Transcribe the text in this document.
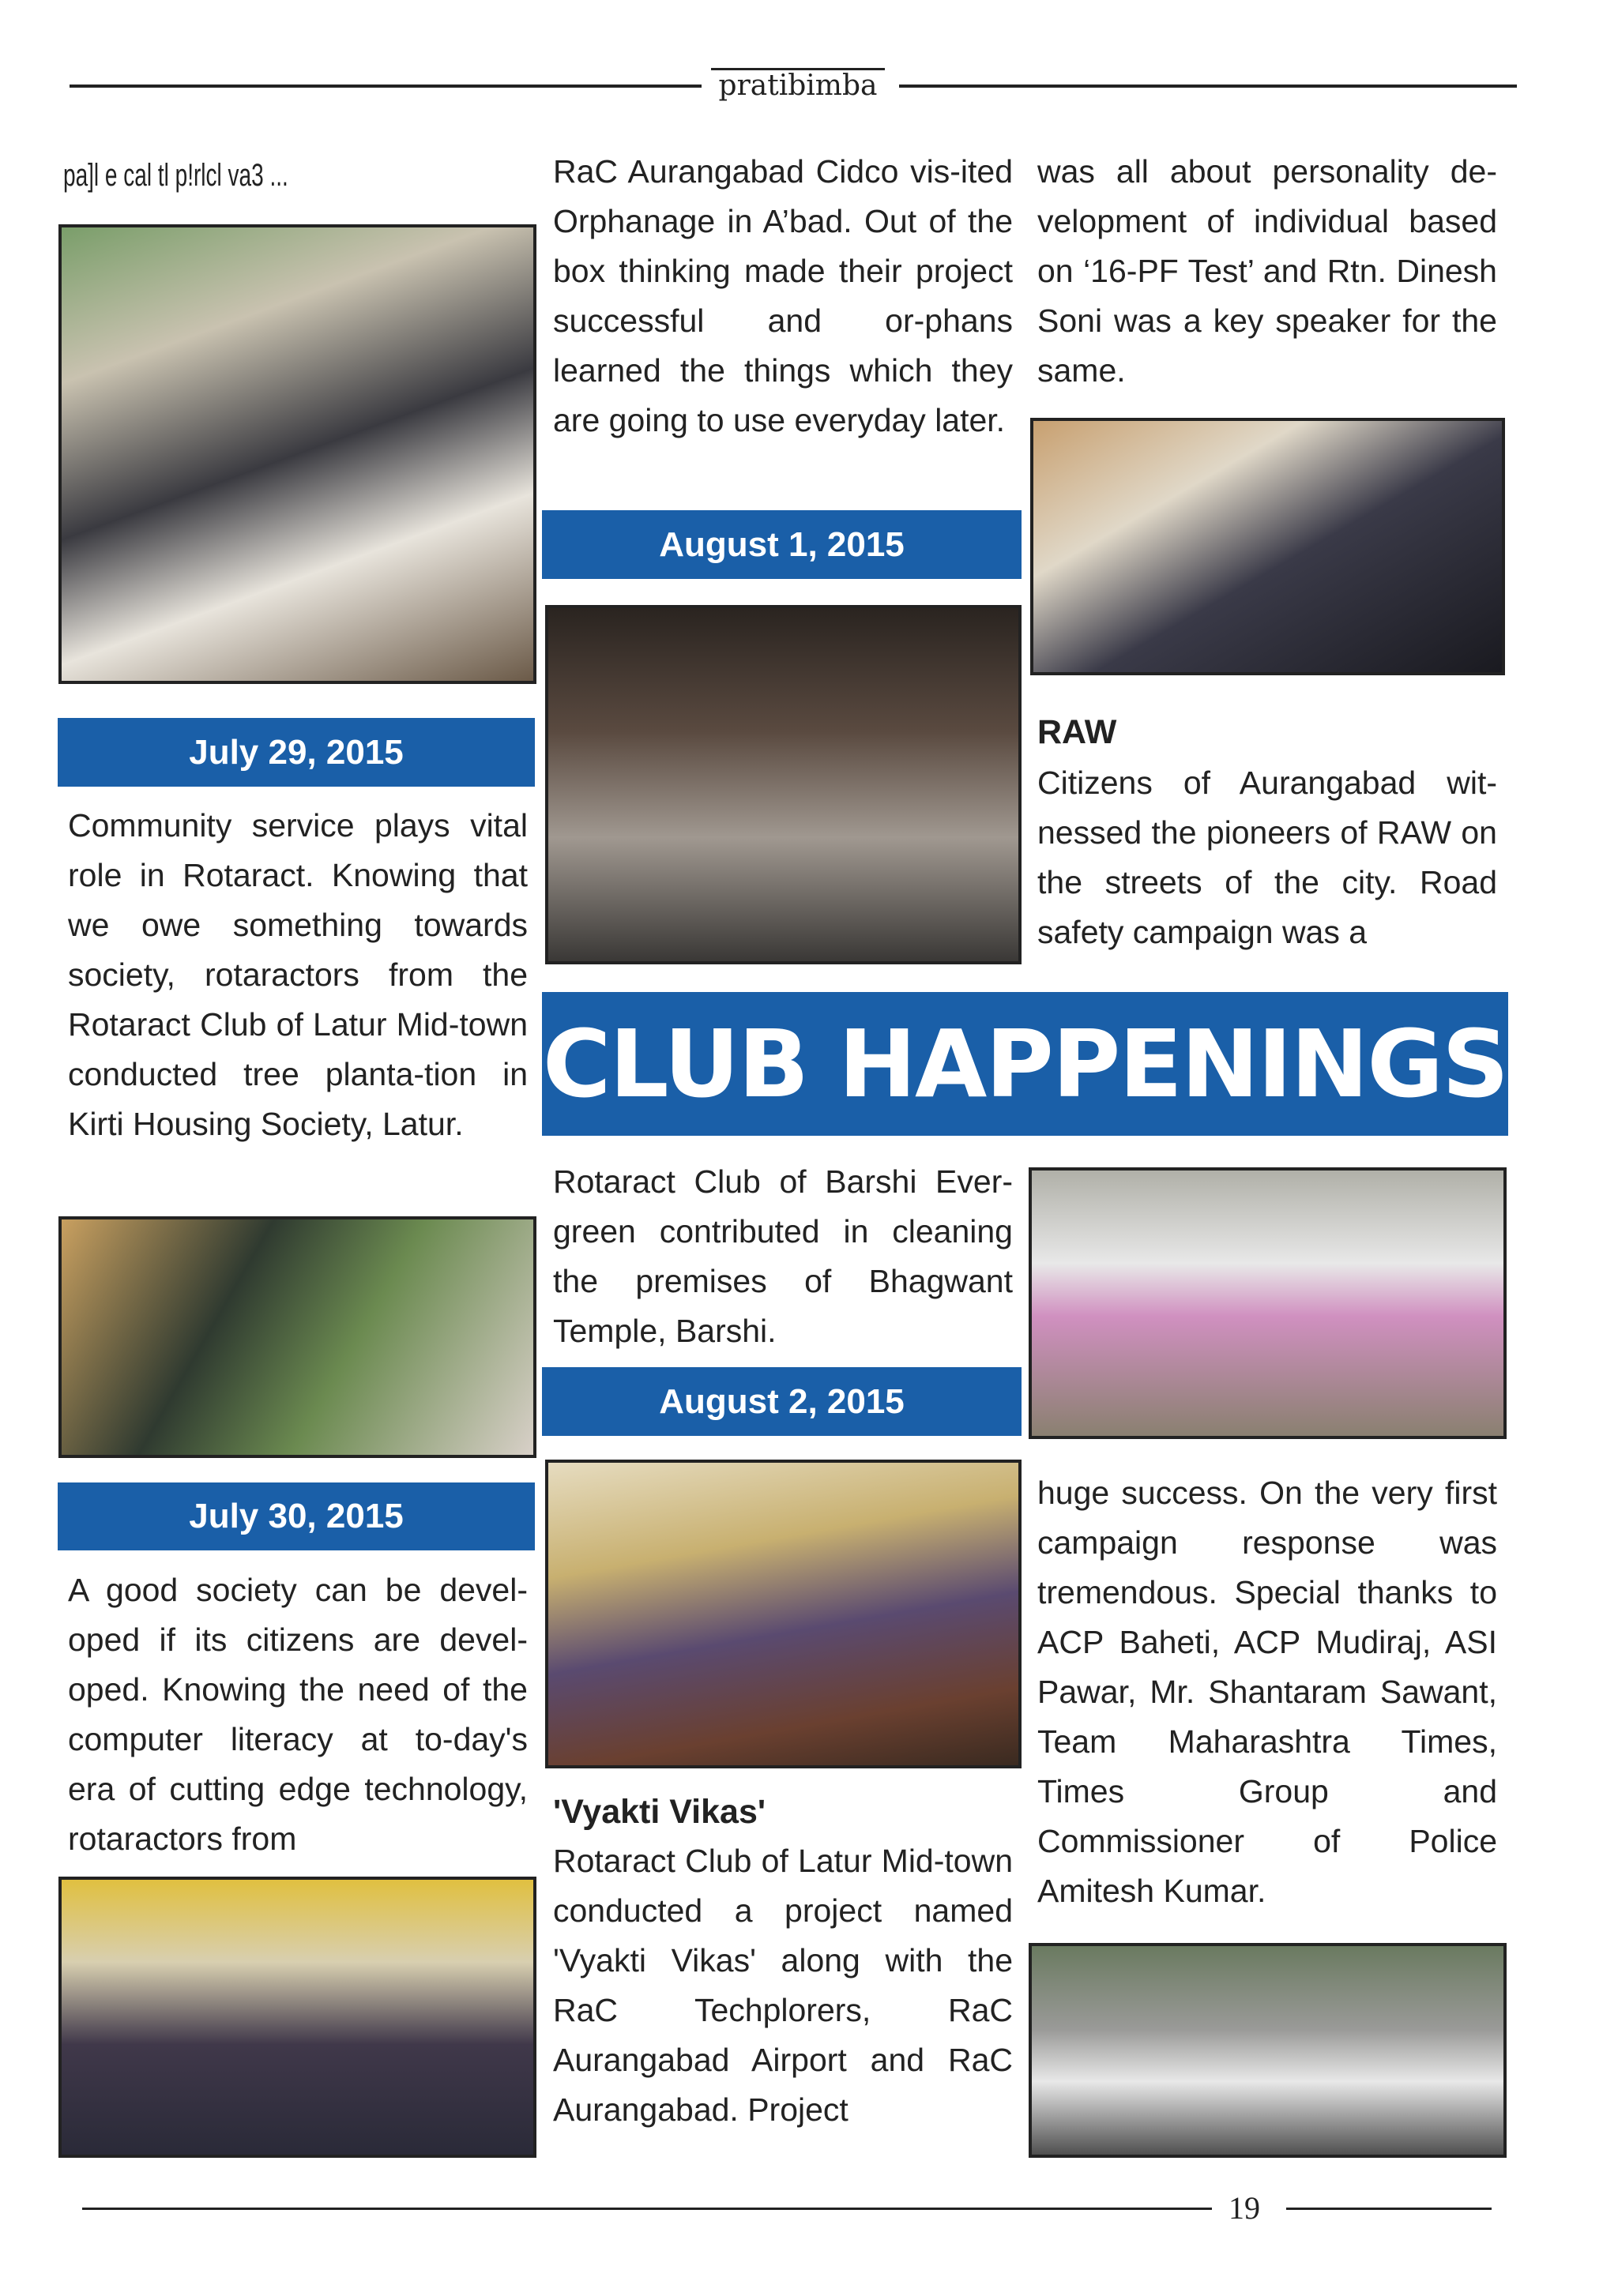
pratibimba
pa]l e cal tl p!rlcl va3 ...
July 29, 2015
Community service plays vital role in Rotaract. Knowing that we owe something towards society, rotaractors from the Rotaract Club of Latur Mid-town conducted tree planta-tion in Kirti Housing Society, Latur.
July 30, 2015
A good society can be devel-oped if its citizens are devel-oped. Knowing the need of the computer literacy at to-day's era of cutting edge technology, rotaractors from
RaC Aurangabad Cidco vis-ited Orphanage in A’bad. Out of the box thinking made their project successful and or-phans learned the things which they are going to use everyday later.
August 1, 2015
CLUB HAPPENINGS
Rotaract Club of Barshi Ever-green contributed in cleaning the premises of Bhagwant Temple, Barshi.
August 2, 2015
'Vyakti Vikas'
Rotaract Club of Latur Mid-town conducted a project named 'Vyakti Vikas' along with the RaC Techplorers, RaC Aurangabad Airport and RaC Aurangabad. Project
was all about personality de-velopment of individual based on ‘16-PF Test’ and Rtn. Dinesh Soni was a key speaker for the same.
RAW
Citizens of Aurangabad wit-nessed the pioneers of RAW on the streets of the city. Road safety campaign was a
huge success. On the very first campaign response was tremendous. Special thanks to ACP Baheti, ACP Mudiraj, ASI Pawar, Mr. Shantaram Sawant, Team Maharashtra Times, Times Group and Commissioner of Police Amitesh Kumar.
19
